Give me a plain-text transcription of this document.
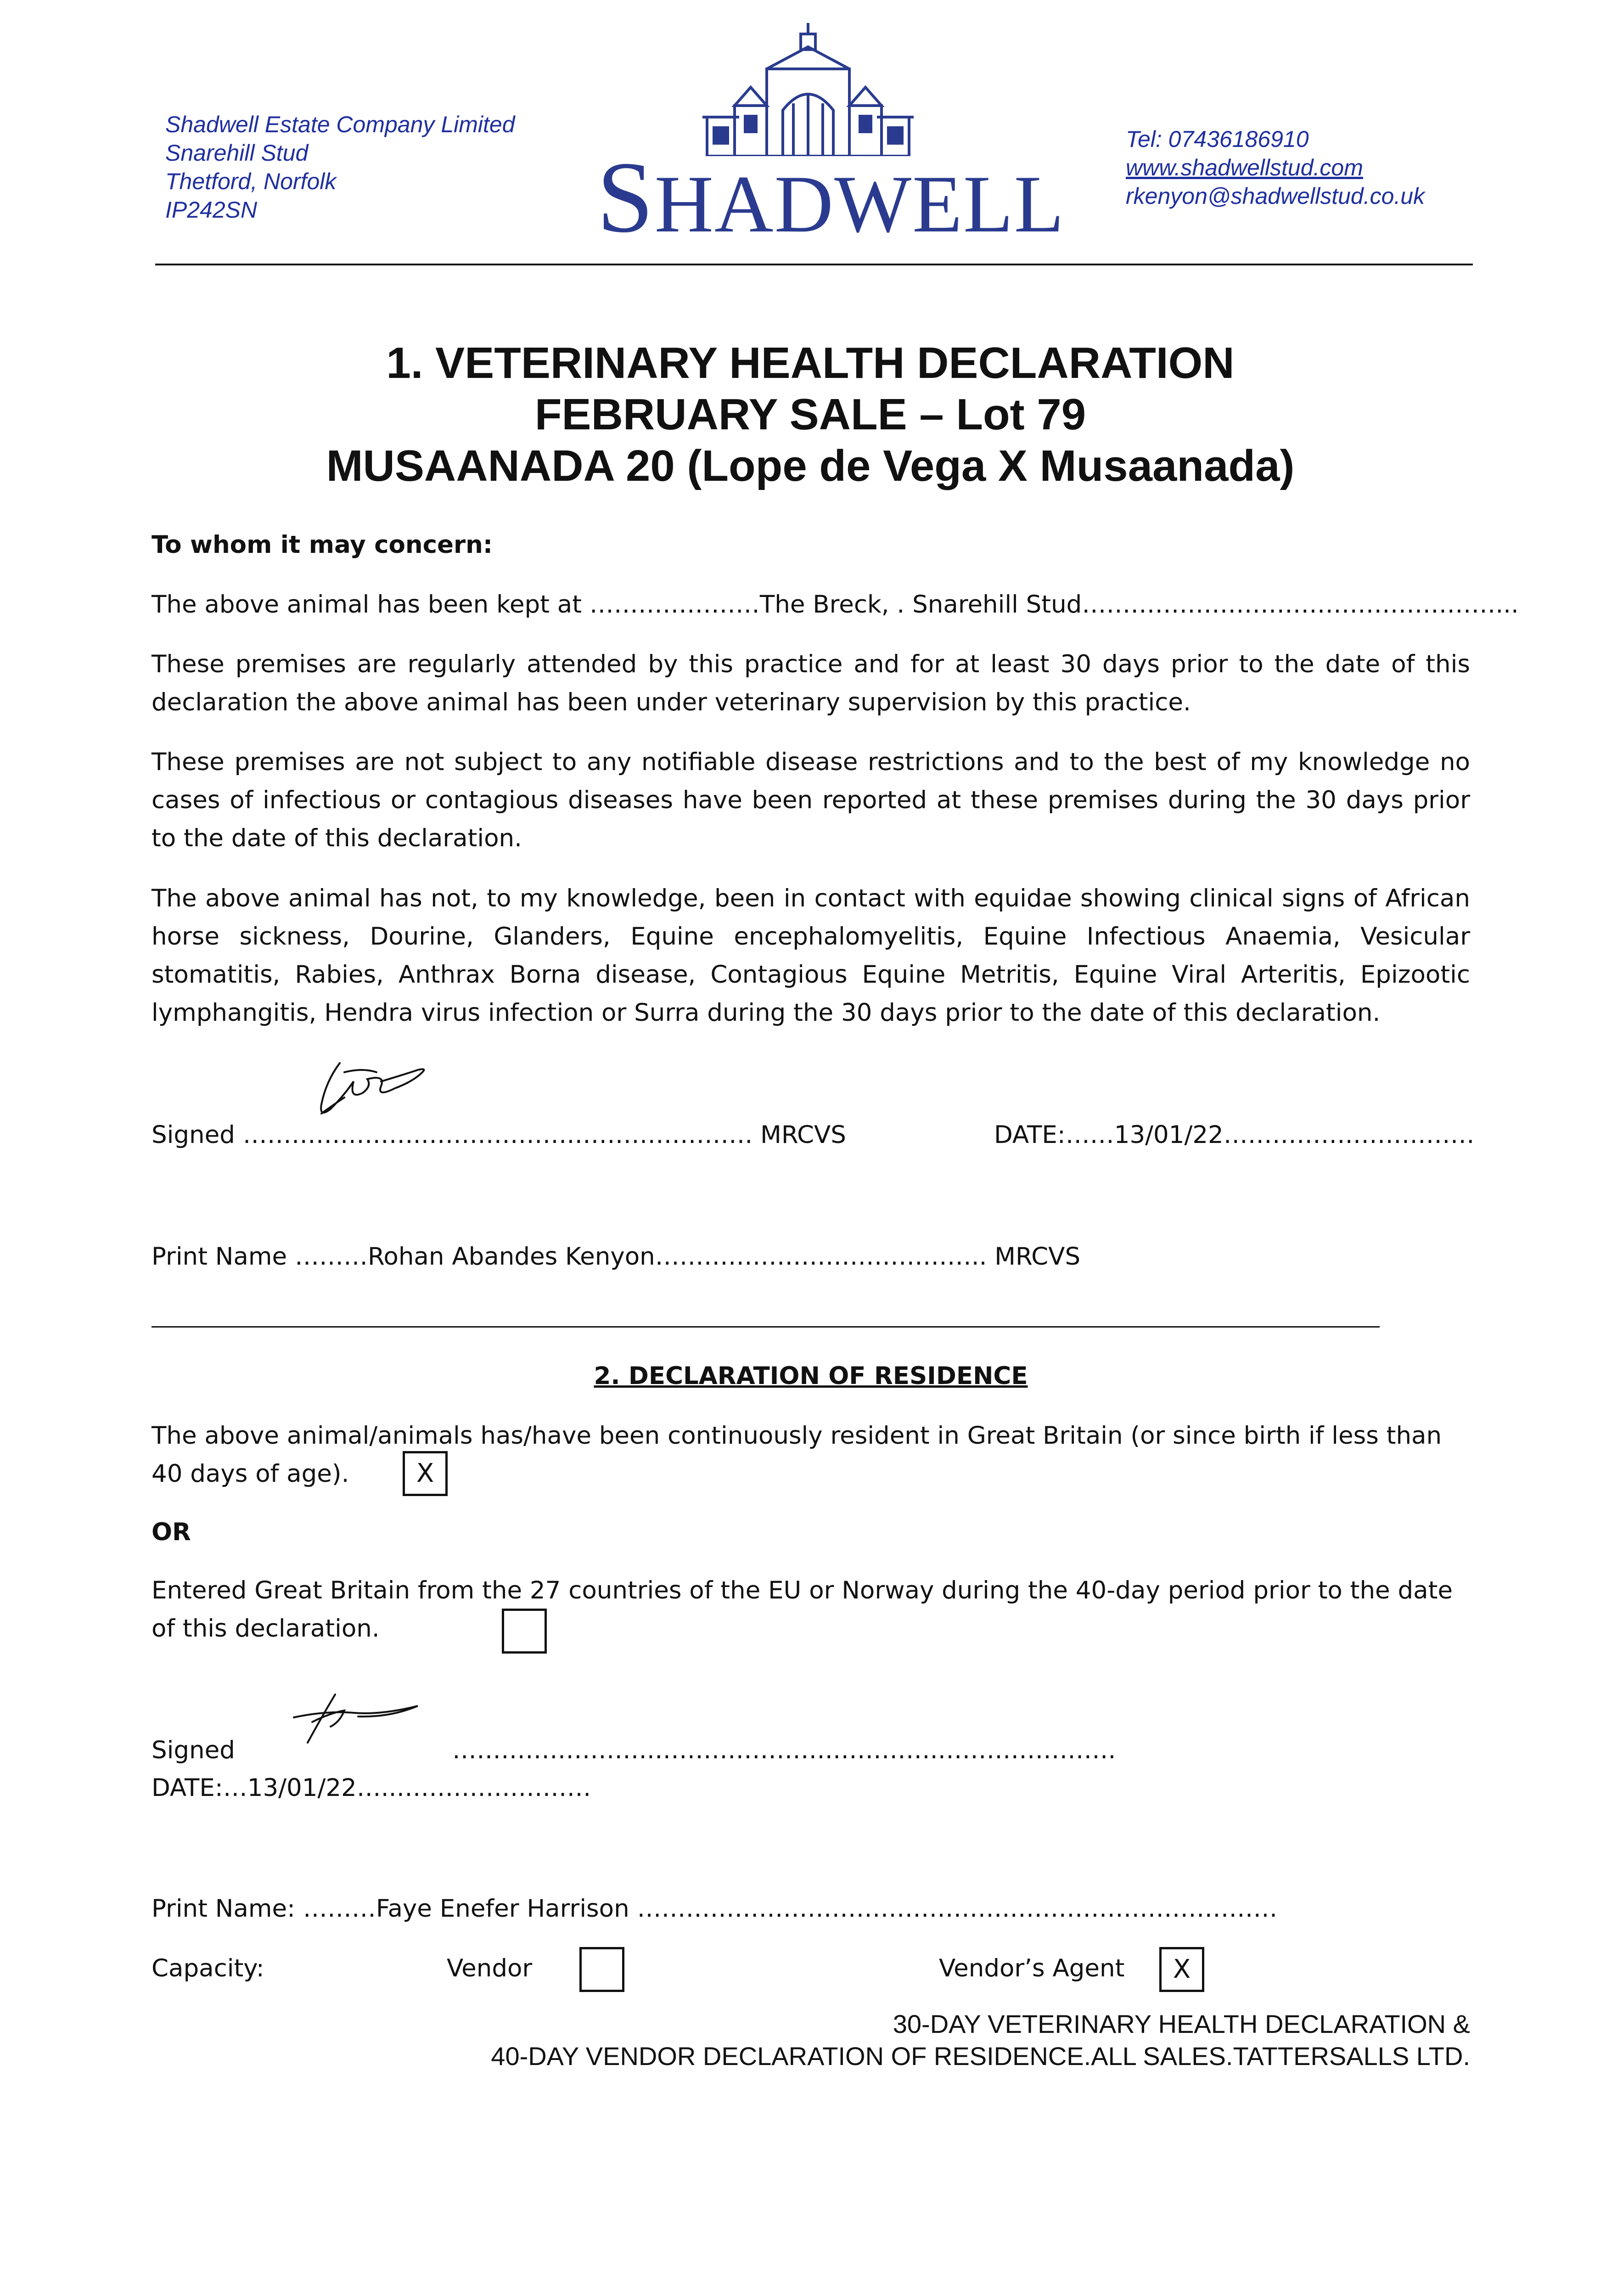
Shadwell Estate Company Limited
Snarehill Stud
Thetford, Norfolk
IP242SN	SHADWELL
Tel: 07436186910
www.shadwellstud.com
rkenyon@shadwellstud.co.uk
1. VETERINARY HEALTH DECLARATION
FEBRUARY SALE – Lot 79
MUSAANADA 20 (Lope de Vega X Musaanada)
To whom it may concern:
The above animal has been kept at …………………The Breck, . Snarehill Stud……………………………………………...
These premises are regularly attended by this practice and for at least 30 days prior to the date of this declaration the above animal has been under veterinary supervision by this practice.
These premises are not subject to any notifiable disease restrictions and to the best of my knowledge no cases of infectious or contagious diseases have been reported at these premises during the 30 days prior to the date of this declaration.
The above animal has not, to my knowledge, been in contact with equidae showing clinical signs of African horse sickness, Dourine, Glanders, Equine encephalomyelitis, Equine Infectious Anaemia, Vesicular stomatitis, Rabies, Anthrax Borna disease, Contagious Equine Metritis, Equine Viral Arteritis, Epizootic lymphangitis, Hendra virus infection or Surra during the 30 days prior to the date of this declaration.
Signed ………………….……………….…………………. MRCVS	DATE:……13/01/22…………….……………
Print Name ………Rohan Abandes Kenyon………………………………….. MRCVS
2. DECLARATION OF RESIDENCE
The above animal/animals has/have been continuously resident in Great Britain (or since birth if less than
40 days of age).	X
OR
Entered Great Britain from the 27 countries of the EU or Norway during the 40-day period prior to the date
of this declaration.
Signed	…………………….………………….………….………………….
DATE:…13/01/22…..……………………
Print Name: ………Faye Enefer Harrison ……………………………………….……………………………
Capacity:	Vendor	Vendor’s Agent	X
30-DAY VETERINARY HEALTH DECLARATION &
40-DAY VENDOR DECLARATION OF RESIDENCE.ALL SALES.TATTERSALLS LTD.
